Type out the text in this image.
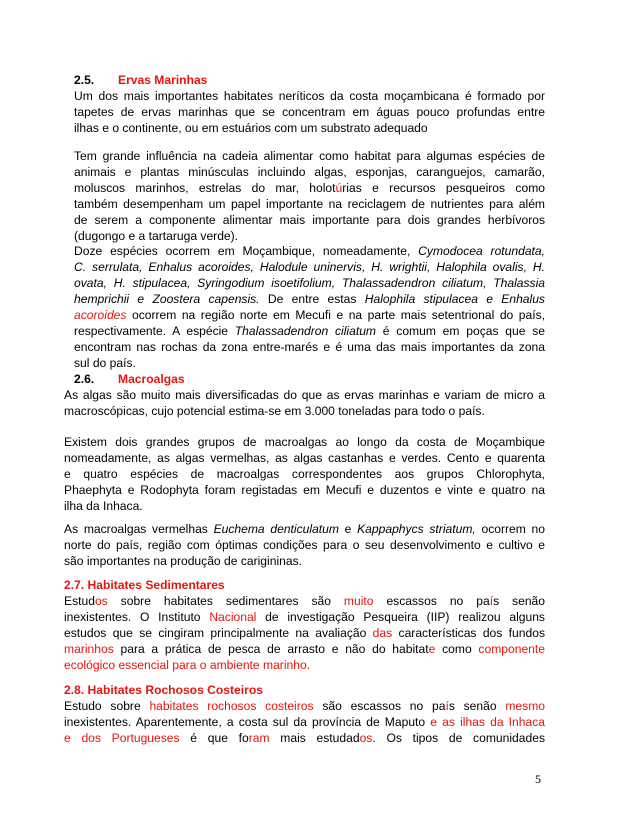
2.5. Ervas Marinhas
Um dos mais importantes habitates neríticos da costa moçambicana é formado por
tapetes de ervas marinhas que se concentram em águas pouco profundas entre
ilhas e o continente, ou em estuários com um substrato adequado
Tem grande influência na cadeia alimentar como habitat para algumas espécies de
animais e plantas minúsculas incluindo algas, esponjas, caranguejos, camarão,
moluscos marinhos, estrelas do mar, holotúrias e recursos pesqueiros como
também desempenham um papel importante na reciclagem de nutrientes para além
de serem a componente alimentar mais importante para dois grandes herbívoros
(dugongo e a tartaruga verde).
Doze espécies ocorrem em Moçambique, nomeadamente, Cymodocea rotundata,
C. serrulata, Enhalus acoroides, Halodule uninervis, H. wrightii, Halophila ovalis, H.
ovata, H. stipulacea, Syringodium isoetifolium, Thalassadendron ciliatum, Thalassia
hemprichii e Zoostera capensis. De entre estas Halophila stipulacea e Enhalus
acoroides ocorrem na região norte em Mecufi e na parte mais setentrional do país,
respectivamente. A espécie Thalassadendron ciliatum é comum em poças que se
encontram nas rochas da zona entre-marés e é uma das mais importantes da zona
sul do país.
2.6. Macroalgas
As algas são muito mais diversificadas do que as ervas marinhas e variam de micro a
macroscópicas, cujo potencial estima-se em 3.000 toneladas para todo o país.
Existem dois grandes grupos de macroalgas ao longo da costa de Moçambique
nomeadamente, as algas vermelhas, as algas castanhas e verdes. Cento e quarenta
e quatro espécies de macroalgas correspondentes aos grupos Chlorophyta,
Phaephyta e Rodophyta foram registadas em Mecufi e duzentos e vinte e quatro na
ilha da Inhaca.
As macroalgas vermelhas Euchema denticulatum e Kappaphycs striatum, ocorrem no
norte do país, região com óptimas condições para o seu desenvolvimento e cultivo e
são importantes na produção de carigininas.
2.7. Habitates Sedimentares
Estudos sobre habitates sedimentares são muito escassos no país senão
inexistentes. O Instituto Nacional de investigação Pesqueira (IIP) realizou alguns
estudos que se cingiram principalmente na avaliação das características dos fundos
marinhos para a prática de pesca de arrasto e não do habitate como componente
ecológico essencial para o ambiente marinho.
2.8. Habitates Rochosos Costeiros
Estudo sobre habitates rochosos costeiros são escassos no país senão mesmo
inexistentes. Aparentemente, a costa sul da província de Maputo e as ilhas da Inhaca
e dos Portugueses é que foram mais estudados. Os tipos de comunidades
5
